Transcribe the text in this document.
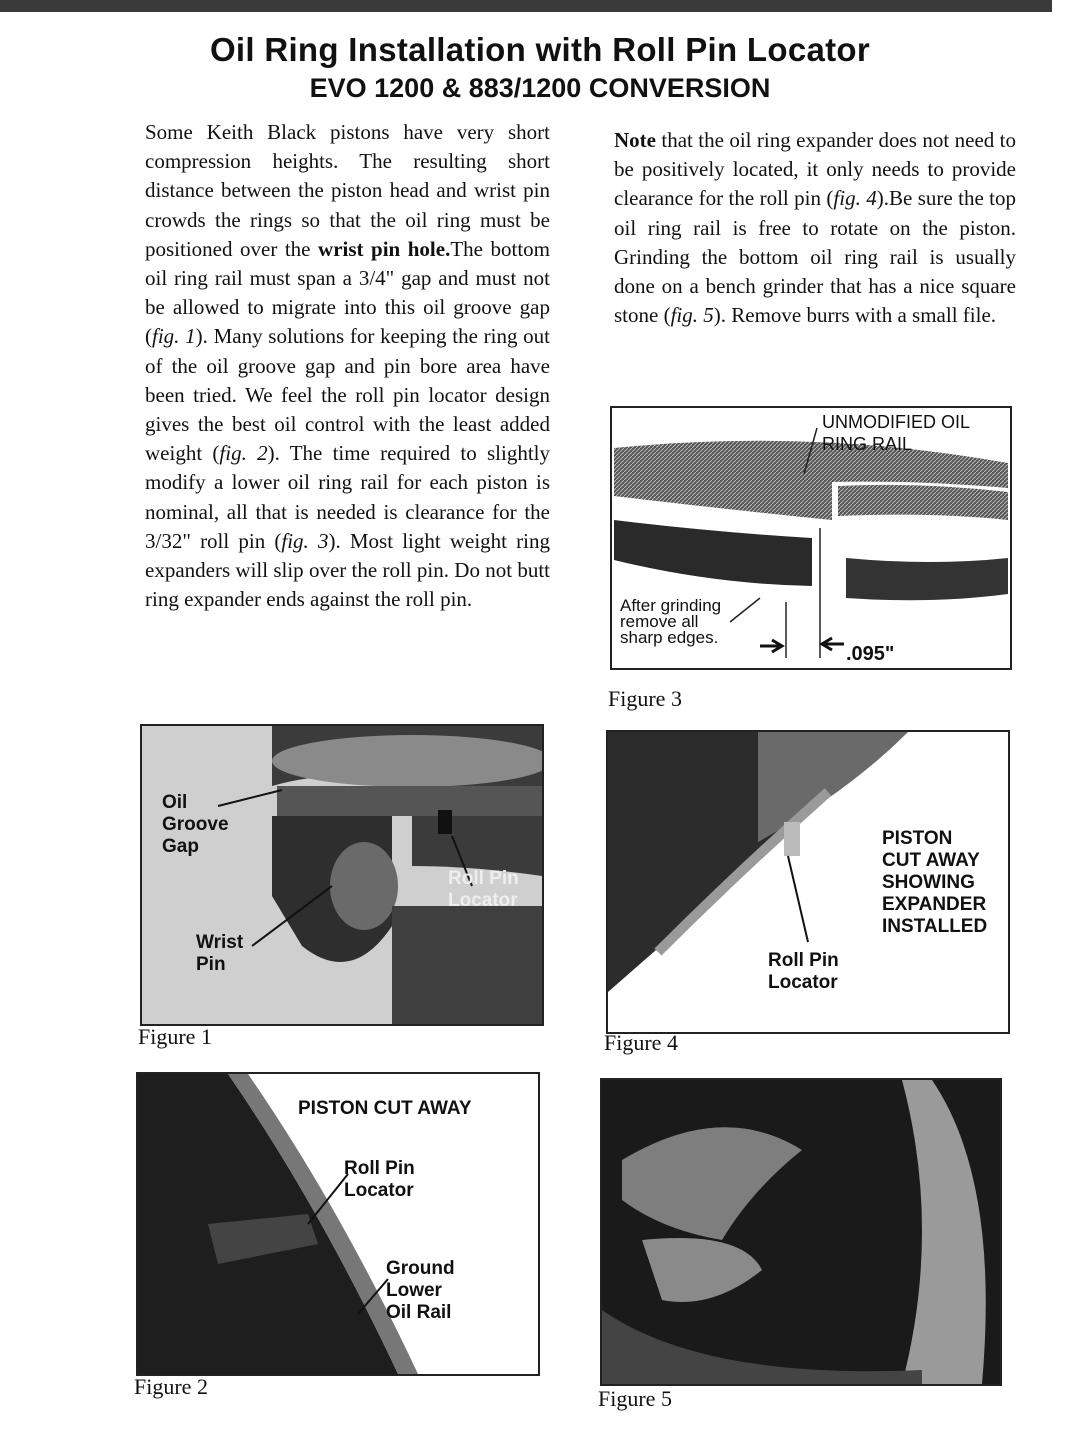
Oil Ring Installation with Roll Pin Locator
EVO 1200 & 883/1200 CONVERSION

Some Keith Black pistons have very short compression heights. The resulting short distance between the piston head and wrist pin crowds the rings so that the oil ring must be positioned over the wrist pin hole.The bottom oil ring rail must span a 3/4" gap and must not be allowed to migrate into this oil groove gap (fig. 1). Many solutions for keeping the ring out of the oil groove gap and pin bore area have been tried. We feel the roll pin locator design gives the best oil control with the least added weight (fig. 2). The time required to slightly modify a lower oil ring rail for each piston is nominal, all that is needed is clearance for the 3/32" roll pin (fig. 3). Most light weight ring expanders will slip over the roll pin. Do not butt ring expander ends against the roll pin.

Note that the oil ring expander does not need to be positively located, it only needs to provide clearance for the roll pin (fig. 4).Be sure the top oil ring rail is free to rotate on the piston. Grinding the bottom oil ring rail is usually done on a bench grinder that has a nice square stone (fig. 5). Remove burrs with a small file.

UNMODIFIED OIL
RING RAIL
After grinding
remove all
sharp edges.
.095"
Figure 3
Oil
Groove
Gap
Roll Pin
Locator
Wrist
Pin
Figure 1
PISTON
CUT AWAY
SHOWING
EXPANDER
INSTALLED
Roll Pin
Locator
Figure 4
PISTON CUT AWAY
Roll Pin
Locator
Ground
Lower
Oil Rail
Figure 2	Figure 5
